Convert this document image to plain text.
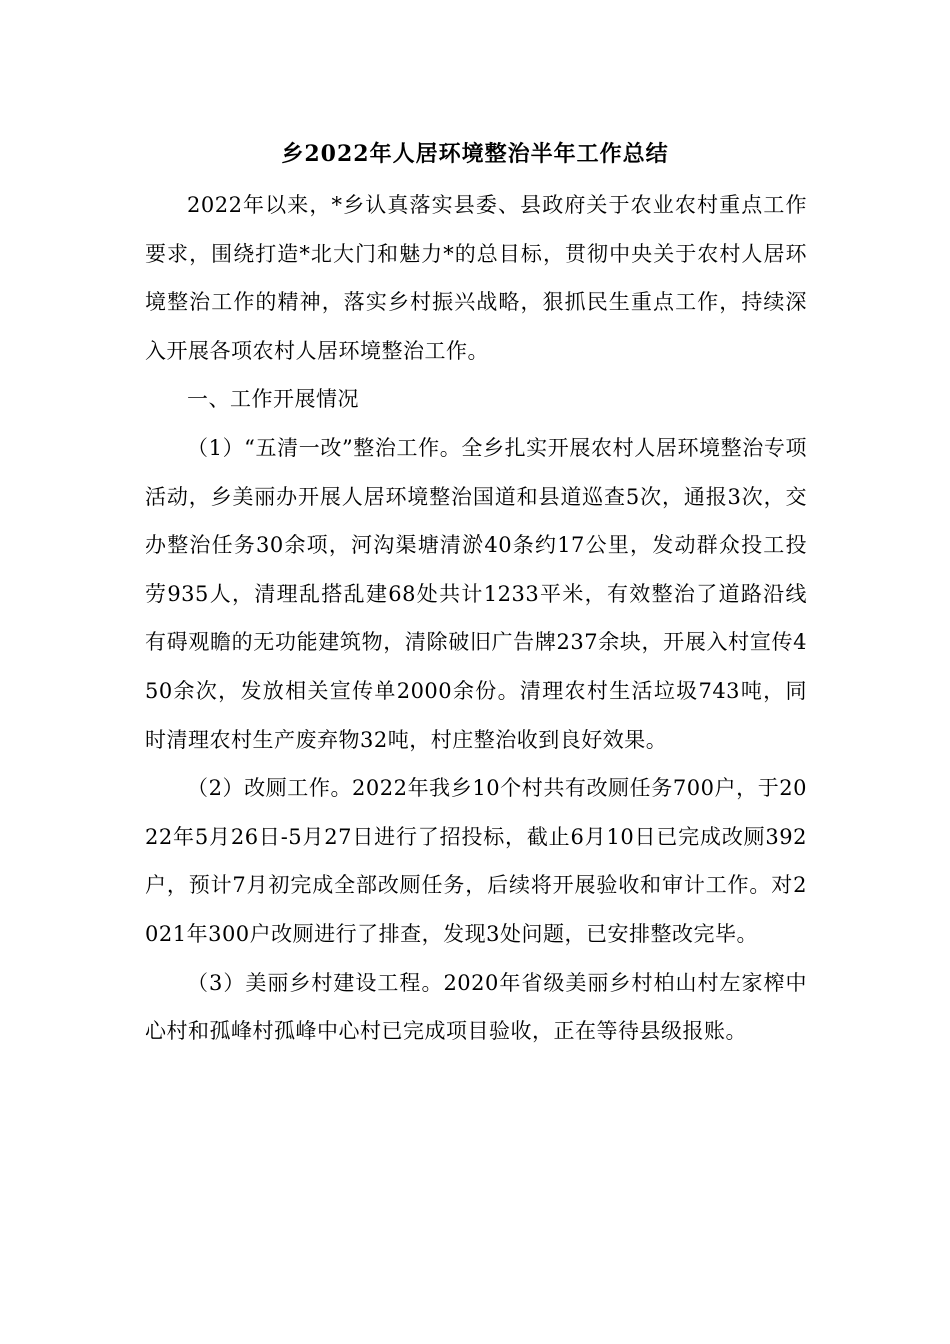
乡2022年人居环境整治半年工作总结

2022年以来，*乡认真落实县委、县政府关于农业农村重点工作要求，围绕打造*北大门和魅力*的总目标，贯彻中央关于农村人居环境整治工作的精神，落实乡村振兴战略，狠抓民生重点工作，持续深入开展各项农村人居环境整治工作。

一、工作开展情况

（1）“五清一改”整治工作。全乡扎实开展农村人居环境整治专项活动，乡美丽办开展人居环境整治国道和县道巡查5次，通报3次，交办整治任务30余项，河沟渠塘清淤40条约17公里，发动群众投工投劳935人，清理乱搭乱建68处共计1233平米，有效整治了道路沿线有碍观瞻的无功能建筑物，清除破旧广告牌237余块，开展入村宣传450余次，发放相关宣传单2000余份。清理农村生活垃圾743吨，同时清理农村生产废弃物32吨，村庄整治收到良好效果。

（2）改厕工作。2022年我乡10个村共有改厕任务700户，于2022年5月26日-5月27日进行了招投标，截止6月10日已完成改厕392户，预计7月初完成全部改厕任务，后续将开展验收和审计工作。对2021年300户改厕进行了排查，发现3处问题，已安排整改完毕。

（3）美丽乡村建设工程。2020年省级美丽乡村柏山村左家榨中心村和孤峰村孤峰中心村已完成项目验收，正在等待县级报账。
